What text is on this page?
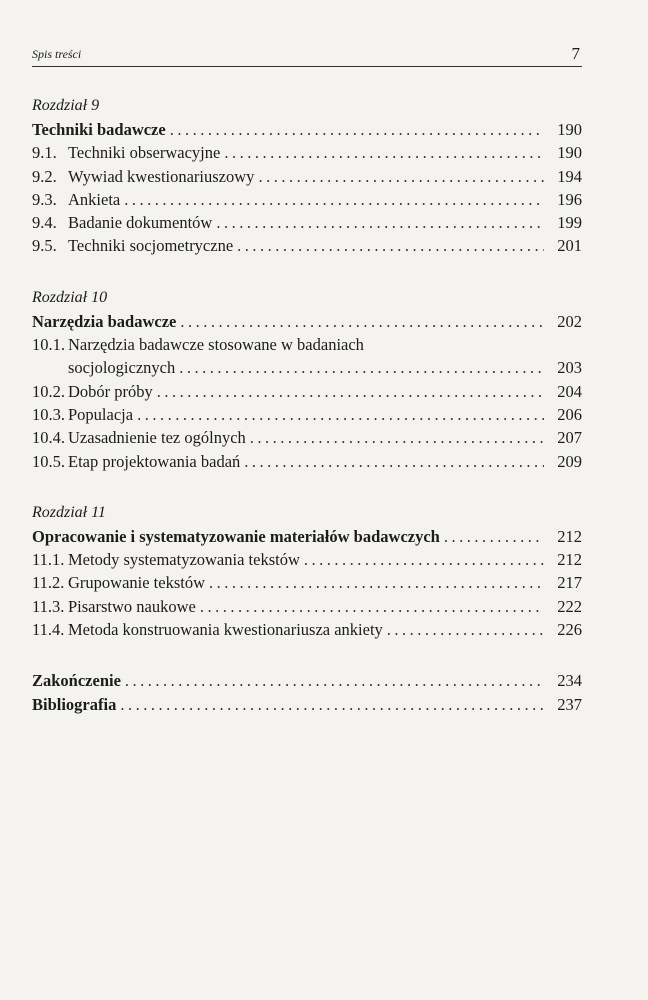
Spis treści	7
Rozdział 9
Techniki badawcze .....	190
9.1. Techniki obserwacyjne .....	190
9.2. Wywiad kwestionariuszowy .....	194
9.3. Ankieta .....	196
9.4. Badanie dokumentów .....	199
9.5. Techniki socjometryczne .....	201
Rozdział 10
Narzędzia badawcze .....	202
10.1. Narzędzia badawcze stosowane w badaniach
socjologicznych .....	203
10.2. Dobór próby .....	204
10.3. Populacja .....	206
10.4. Uzasadnienie tez ogólnych .....	207
10.5. Etap projektowania badań .....	209
Rozdział 11
Opracowanie i systematyzowanie materiałów badawczych .....	212
11.1. Metody systematyzowania tekstów .....	212
11.2. Grupowanie tekstów .....	217
11.3. Pisarstwo naukowe .....	222
11.4. Metoda konstruowania kwestionariusza ankiety .....	226
Zakończenie .....	234
Bibliografia .....	237
